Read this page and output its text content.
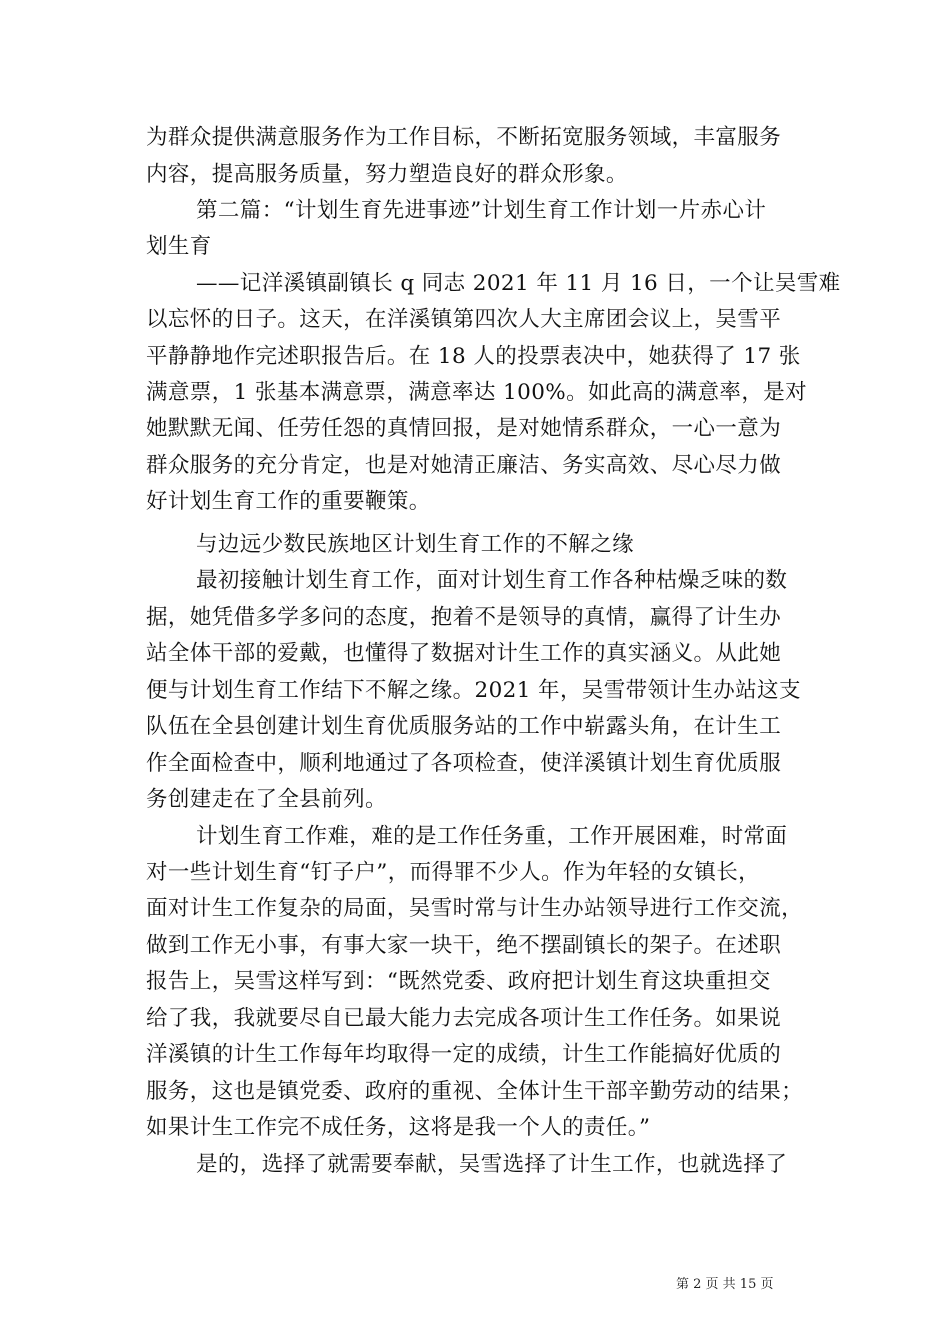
为群众提供满意服务作为工作目标，不断拓宽服务领域，丰富服务
内容，提高服务质量，努力塑造良好的群众形象。
第二篇：“计划生育先进事迹”计划生育工作计划一片赤心计
划生育
——记洋溪镇副镇长 q 同志 2021 年 11 月 16 日，一个让吴雪难
以忘怀的日子。这天，在洋溪镇第四次人大主席团会议上，吴雪平
平静静地作完述职报告后。在 18 人的投票表决中，她获得了 17 张
满意票，1 张基本满意票，满意率达 100%。如此高的满意率，是对
她默默无闻、任劳任怨的真情回报，是对她情系群众，一心一意为
群众服务的充分肯定，也是对她清正廉洁、务实高效、尽心尽力做
好计划生育工作的重要鞭策。
与边远少数民族地区计划生育工作的不解之缘
最初接触计划生育工作，面对计划生育工作各种枯燥乏味的数
据，她凭借多学多问的态度，抱着不是领导的真情，赢得了计生办
站全体干部的爱戴，也懂得了数据对计生工作的真实涵义。从此她
便与计划生育工作结下不解之缘。2021 年，吴雪带领计生办站这支
队伍在全县创建计划生育优质服务站的工作中崭露头角，在计生工
作全面检查中，顺利地通过了各项检查，使洋溪镇计划生育优质服
务创建走在了全县前列。
计划生育工作难，难的是工作任务重，工作开展困难，时常面
对一些计划生育“钉子户”，而得罪不少人。作为年轻的女镇长，
面对计生工作复杂的局面，吴雪时常与计生办站领导进行工作交流，
做到工作无小事，有事大家一块干，绝不摆副镇长的架子。在述职
报告上，吴雪这样写到：“既然党委、政府把计划生育这块重担交
给了我，我就要尽自已最大能力去完成各项计生工作任务。如果说
洋溪镇的计生工作每年均取得一定的成绩，计生工作能搞好优质的
服务，这也是镇党委、政府的重视、全体计生干部辛勤劳动的结果；
如果计生工作完不成任务，这将是我一个人的责任。”
是的，选择了就需要奉献，吴雪选择了计生工作，也就选择了
第 2 页 共 15 页
